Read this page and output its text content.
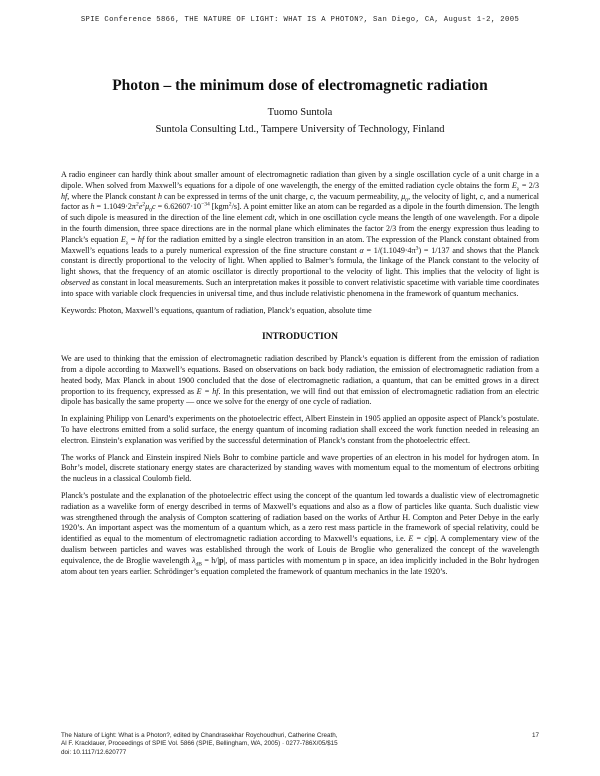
SPIE Conference 5866, THE NATURE OF LIGHT: WHAT IS A PHOTON?, San Diego, CA, August 1-2, 2005
Photon – the minimum dose of electromagnetic radiation
Tuomo Suntola
Suntola Consulting Ltd., Tampere University of Technology, Finland

A radio engineer can hardly think about smaller amount of electromagnetic radiation than given by a single oscillation cycle of a unit charge in a dipole. When solved from Maxwell’s equations for a dipole of one wavelength, the energy of the emitted radiation cycle obtains the form $E_\lambda = 2/3$ hf, where the Planck constant h can be expressed in terms of the unit charge, c, the vacuum permeability, $\mu_0$, the velocity of light, c, and a numerical factor as $h = 1.1049\cdot 2\pi^2e^2\mu_0c = 6.62607\cdot 10^{-34}$ [kgm$^2$/s]. A point emitter like an atom can be regarded as a dipole in the fourth dimension. The length of such dipole is measured in the direction of the line element cdt, which in one oscillation cycle means the length of one wavelength. For a dipole in the fourth dimension, three space directions are in the normal plane which eliminates the factor 2/3 from the energy expression thus leading to Planck’s equation $E_\lambda$ = hf for the radiation emitted by a single electron transition in an atom. The expression of the Planck constant obtained from Maxwell’s equations leads to a purely numerical expression of the fine structure constant $\alpha = 1/(1.1049\cdot 4\pi^3) = 1/137$ and shows that the Planck constant is directly proportional to the velocity of light. When applied to Balmer’s formula, the linkage of the Planck constant to the velocity of light shows, that the frequency of an atomic oscillator is directly proportional to the velocity of light. This implies that the velocity of light is observed as constant in local measurements. Such an interpretation makes it possible to convert relativistic spacetime with variable time coordinates into space with variable clock frequencies in universal time, and thus include relativistic phenomena in the framework of quantum mechanics.

Keywords: Photon, Maxwell’s equations, quantum of radiation, Planck’s equation, absolute time

INTRODUCTION

We are used to thinking that the emission of electromagnetic radiation described by Planck’s equation is different from the emission of radiation from a dipole according to Maxwell’s equations. Based on observations on back body radiation, the emission of electromagnetic radiation from a heated body, Max Planck in about 1900 concluded that the dose of electromagnetic radiation, a quantum, that can be emitted grows in a direct proportion to its frequency, expressed as E = hf. In this presentation, we will find out that emission of electromagnetic radiation from an electric dipole has basically the same property — once we solve for the energy of one cycle of radiation.

In explaining Philipp von Lenard’s experiments on the photoelectric effect, Albert Einstein in 1905 applied an opposite aspect of Planck’s postulate. To have electrons emitted from a solid surface, the energy quantum of incoming radiation shall exceed the work function needed in releasing an electron. Einstein’s explanation was verified by the successful determination of Planck’s constant from the photoelectric effect.

The works of Planck and Einstein inspired Niels Bohr to combine particle and wave properties of an electron in his model for hydrogen atom. In Bohr’s model, discrete stationary energy states are characterized by standing waves with momentum equal to the momentum of electrons orbiting the nucleus in a classical Coulomb field.

Planck’s postulate and the explanation of the photoelectric effect using the concept of the quantum led towards a dualistic view of electromagnetic radiation as a wavelike form of energy described in terms of Maxwell’s equations and also as a flow of particles like quanta. Such dualistic view was strengthened through the analysis of Compton scattering of radiation based on the works of Arthur H. Compton and Peter Debye in the early 1920’s. An important aspect was the momentum of a quantum which, as a zero rest mass particle in the framework of special relativity, could be identified as equal to the momentum of electromagnetic radiation according to Maxwell’s equations, i.e. E = c|p|. A complementary view of the dualism between particles and waves was established through the work of Louis de Broglie who generalized the concept of the wavelength equivalence, the de Broglie wavelength $\lambda_{dB} = h/|p|$, of mass particles with momentum p in space, an idea implicitly included in the Bohr hydrogen atom about ten years earlier. Schrödinger’s equation completed the framework of quantum mechanics in the late 1920’s.

The Nature of Light: What is a Photon?, edited by Chandrasekhar Roychoudhuri, Catherine Creath,
Al F. Kracklauer, Proceedings of SPIE Vol. 5866 (SPIE, Bellingham, WA, 2005) · 0277-786X/05/$15
doi: 10.1117/12.620777
17
